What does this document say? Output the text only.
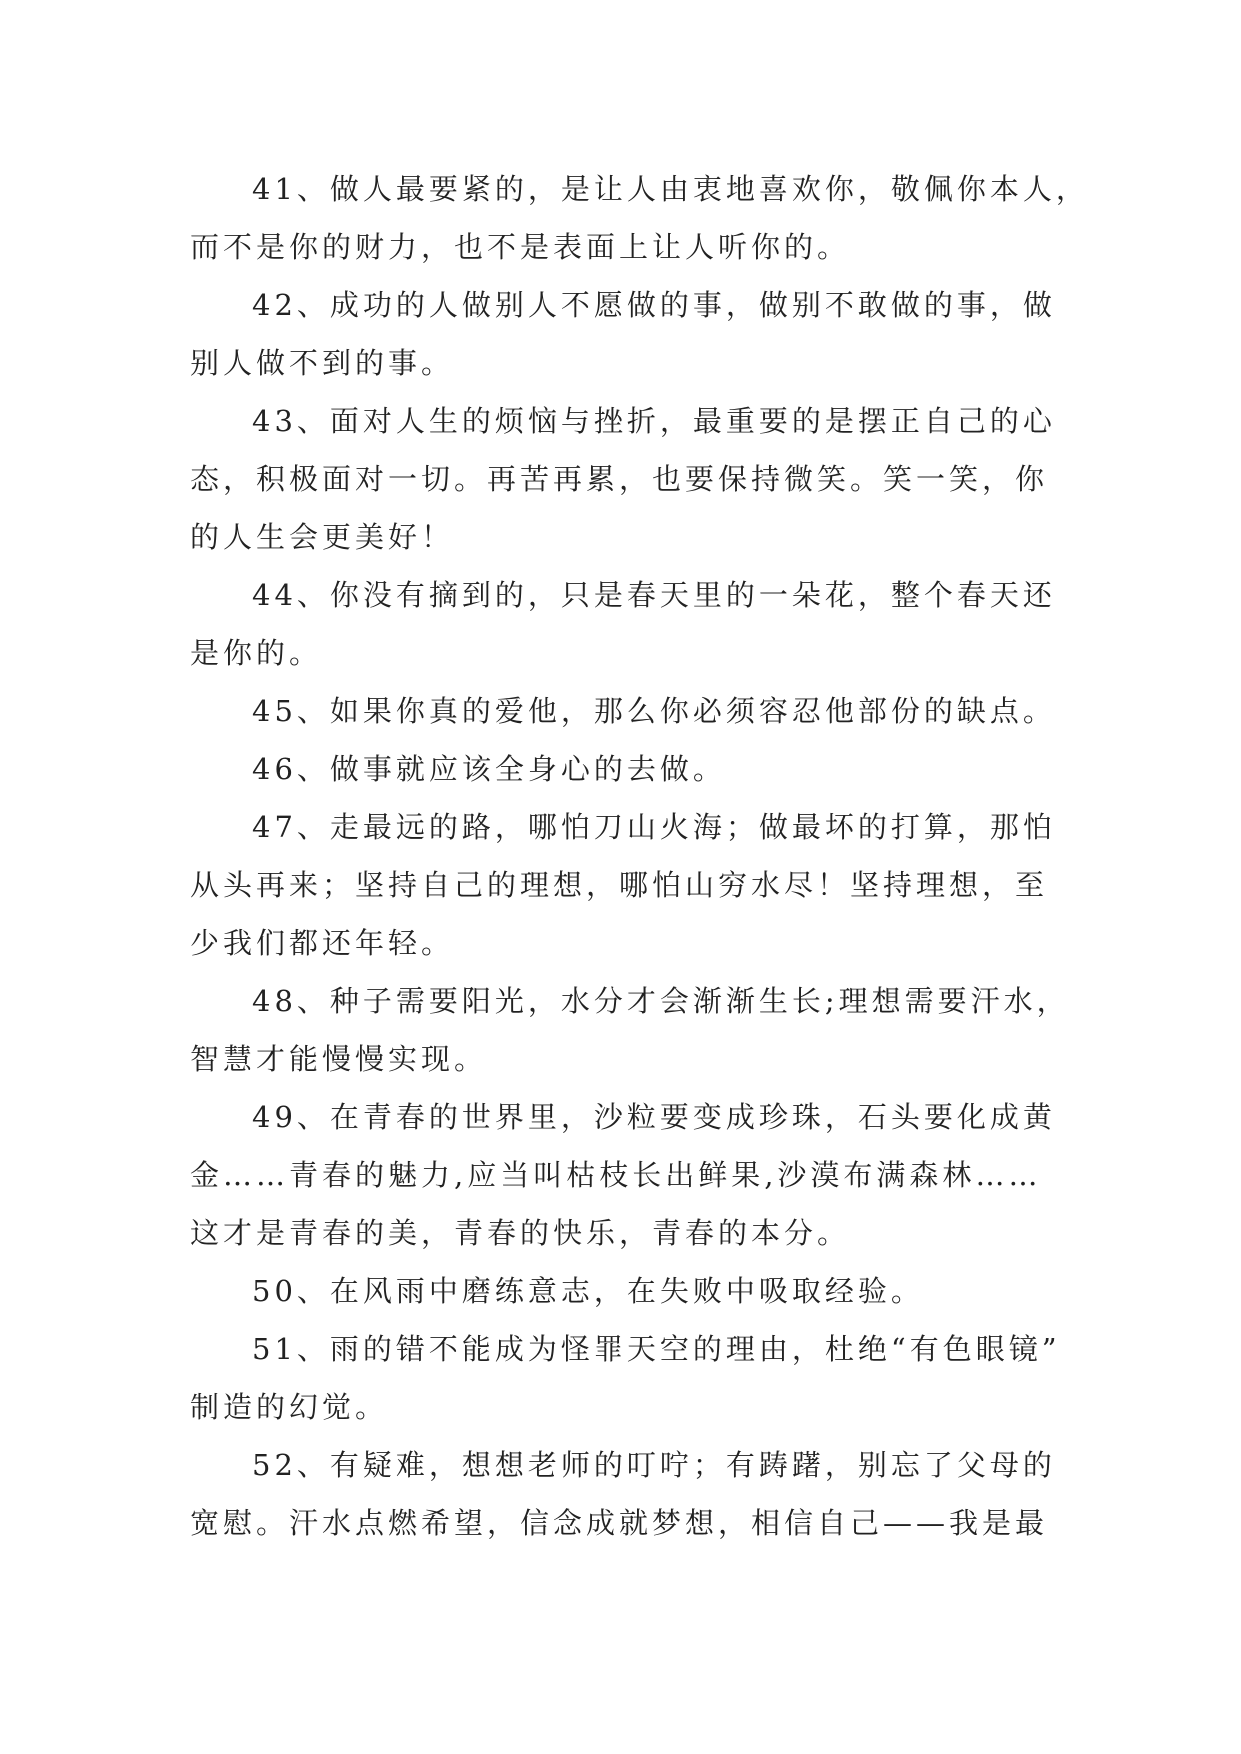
41、做人最要紧的，是让人由衷地喜欢你，敬佩你本人，
而不是你的财力，也不是表面上让人听你的。
42、成功的人做别人不愿做的事，做别不敢做的事，做
别人做不到的事。
43、面对人生的烦恼与挫折，最重要的是摆正自己的心
态，积极面对一切。再苦再累，也要保持微笑。笑一笑，你
的人生会更美好！
44、你没有摘到的，只是春天里的一朵花，整个春天还
是你的。
45、如果你真的爱他，那么你必须容忍他部份的缺点。
46、做事就应该全身心的去做。
47、走最远的路，哪怕刀山火海；做最坏的打算，那怕
从头再来；坚持自己的理想，哪怕山穷水尽！坚持理想，至
少我们都还年轻。
48、种子需要阳光，水分才会渐渐生长;理想需要汗水，
智慧才能慢慢实现。
49、在青春的世界里，沙粒要变成珍珠，石头要化成黄
金……青春的魅力,应当叫枯枝长出鲜果,沙漠布满森林……
这才是青春的美，青春的快乐，青春的本分。
50、在风雨中磨练意志，在失败中吸取经验。
51、雨的错不能成为怪罪天空的理由，杜绝“有色眼镜”
制造的幻觉。
52、有疑难，想想老师的叮咛；有踌躇，别忘了父母的
宽慰。汗水点燃希望，信念成就梦想，相信自己——我是最
